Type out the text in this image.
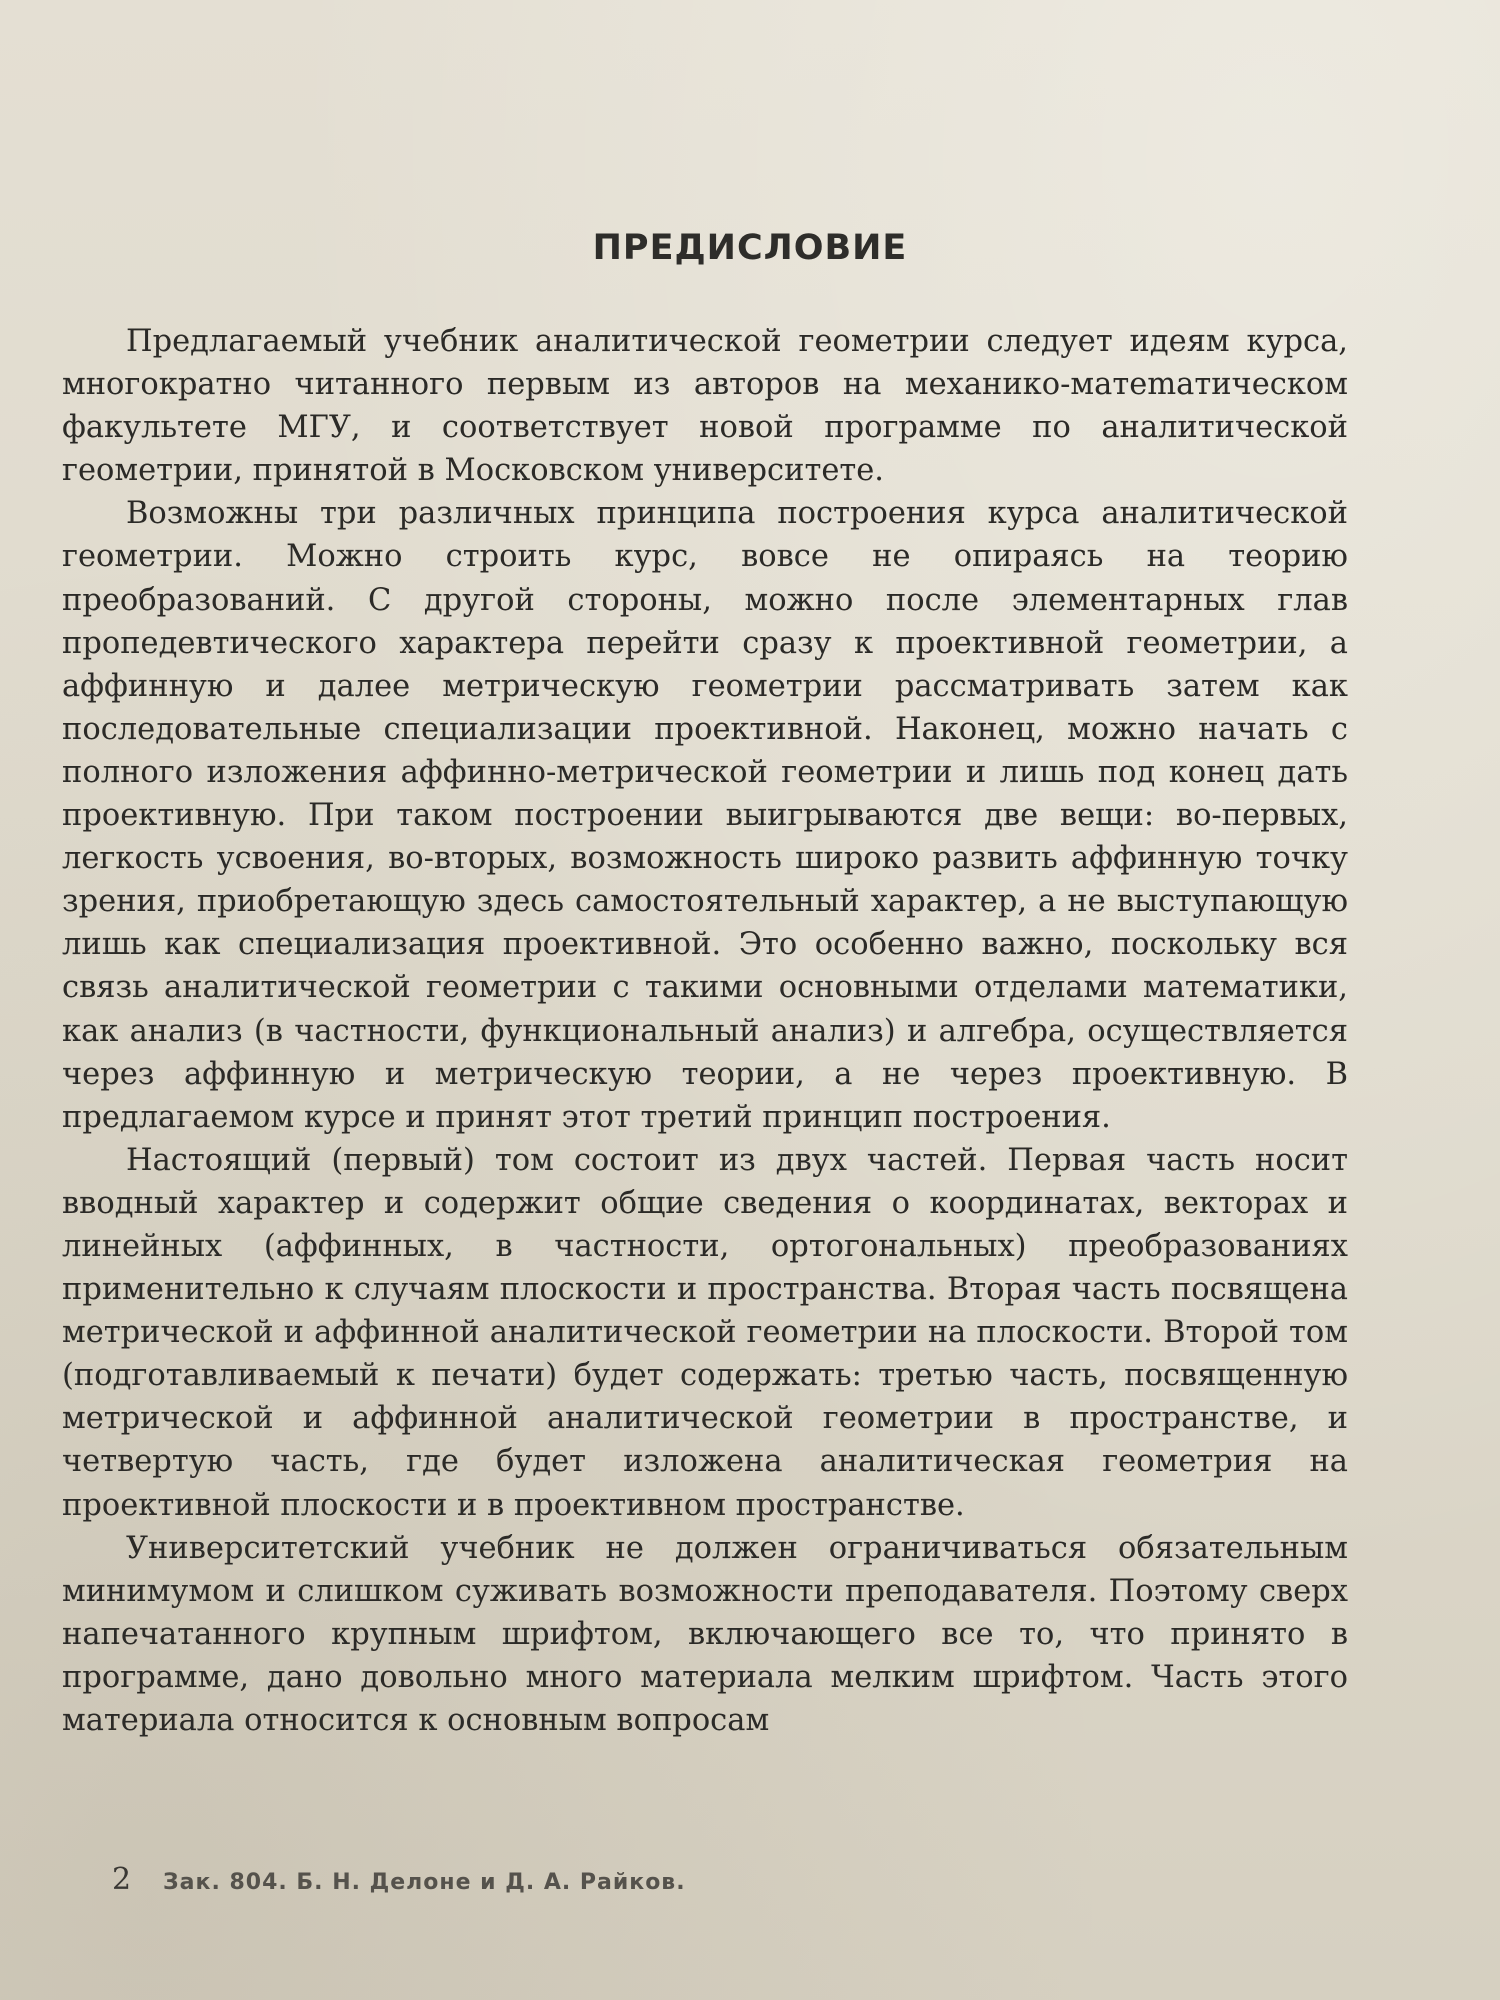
ПРЕДИСЛОВИЕ

Предлагаемый учебник аналитической геометрии следует идеям курса, многократно читанного первым из авторов на механико-матеmатическом факультете МГУ, и соответствует новой программе по аналитической геометрии, принятой в Московском университете.

Возможны три различных принципа построения курса аналитической геометрии. Можно строить курс, вовсе не опираясь на теорию преобразований. С другой стороны, можно после элементарных глав пропедевтического характера перейти сразу к проективной геометрии, а аффинную и далее метрическую геометрии рассматривать затем как последовательные специализации проективной. Наконец, можно начать с полного изложения аффинно-метрической геометрии и лишь под конец дать проективную. При таком построении выигрываются две вещи: во-первых, легкость усвоения, во-вторых, возможность широко развить аффинную точку зрения, приобретающую здесь самостоятельный характер, а не выступающую лишь как специализация проективной. Это особенно важно, поскольку вся связь аналитической геометрии с такими основными отделами математики, как анализ (в частности, функциональный анализ) и алгебра, осуществляется через аффинную и метрическую теории, а не через проективную. В предлагаемом курсе и принят этот третий принцип построения.

Настоящий (первый) том состоит из двух частей. Первая часть носит вводный характер и содержит общие сведения о координатах, векторах и линейных (аффинных, в частности, ортогональных) преобразованиях применительно к случаям плоскости и пространства. Вторая часть посвящена метрической и аффинной аналитической геометрии на плоскости. Второй том (подготавливаемый к печати) будет содержать: третью часть, посвященную метрической и аффинной аналитической геометрии в пространстве, и четвертую часть, где будет изложена аналитическая геометрия на проективной плоскости и в проективном пространстве.

Университетский учебник не должен ограничиваться обязательным минимумом и слишком суживать возможности преподавателя. Поэтому сверх напечатанного крупным шрифтом, включающего все то, что принято в программе, дано довольно много материала мелким шрифтом. Часть этого материала относится к основным вопросам

2 Зак. 804. Б. Н. Делоне и Д. А. Райков.
